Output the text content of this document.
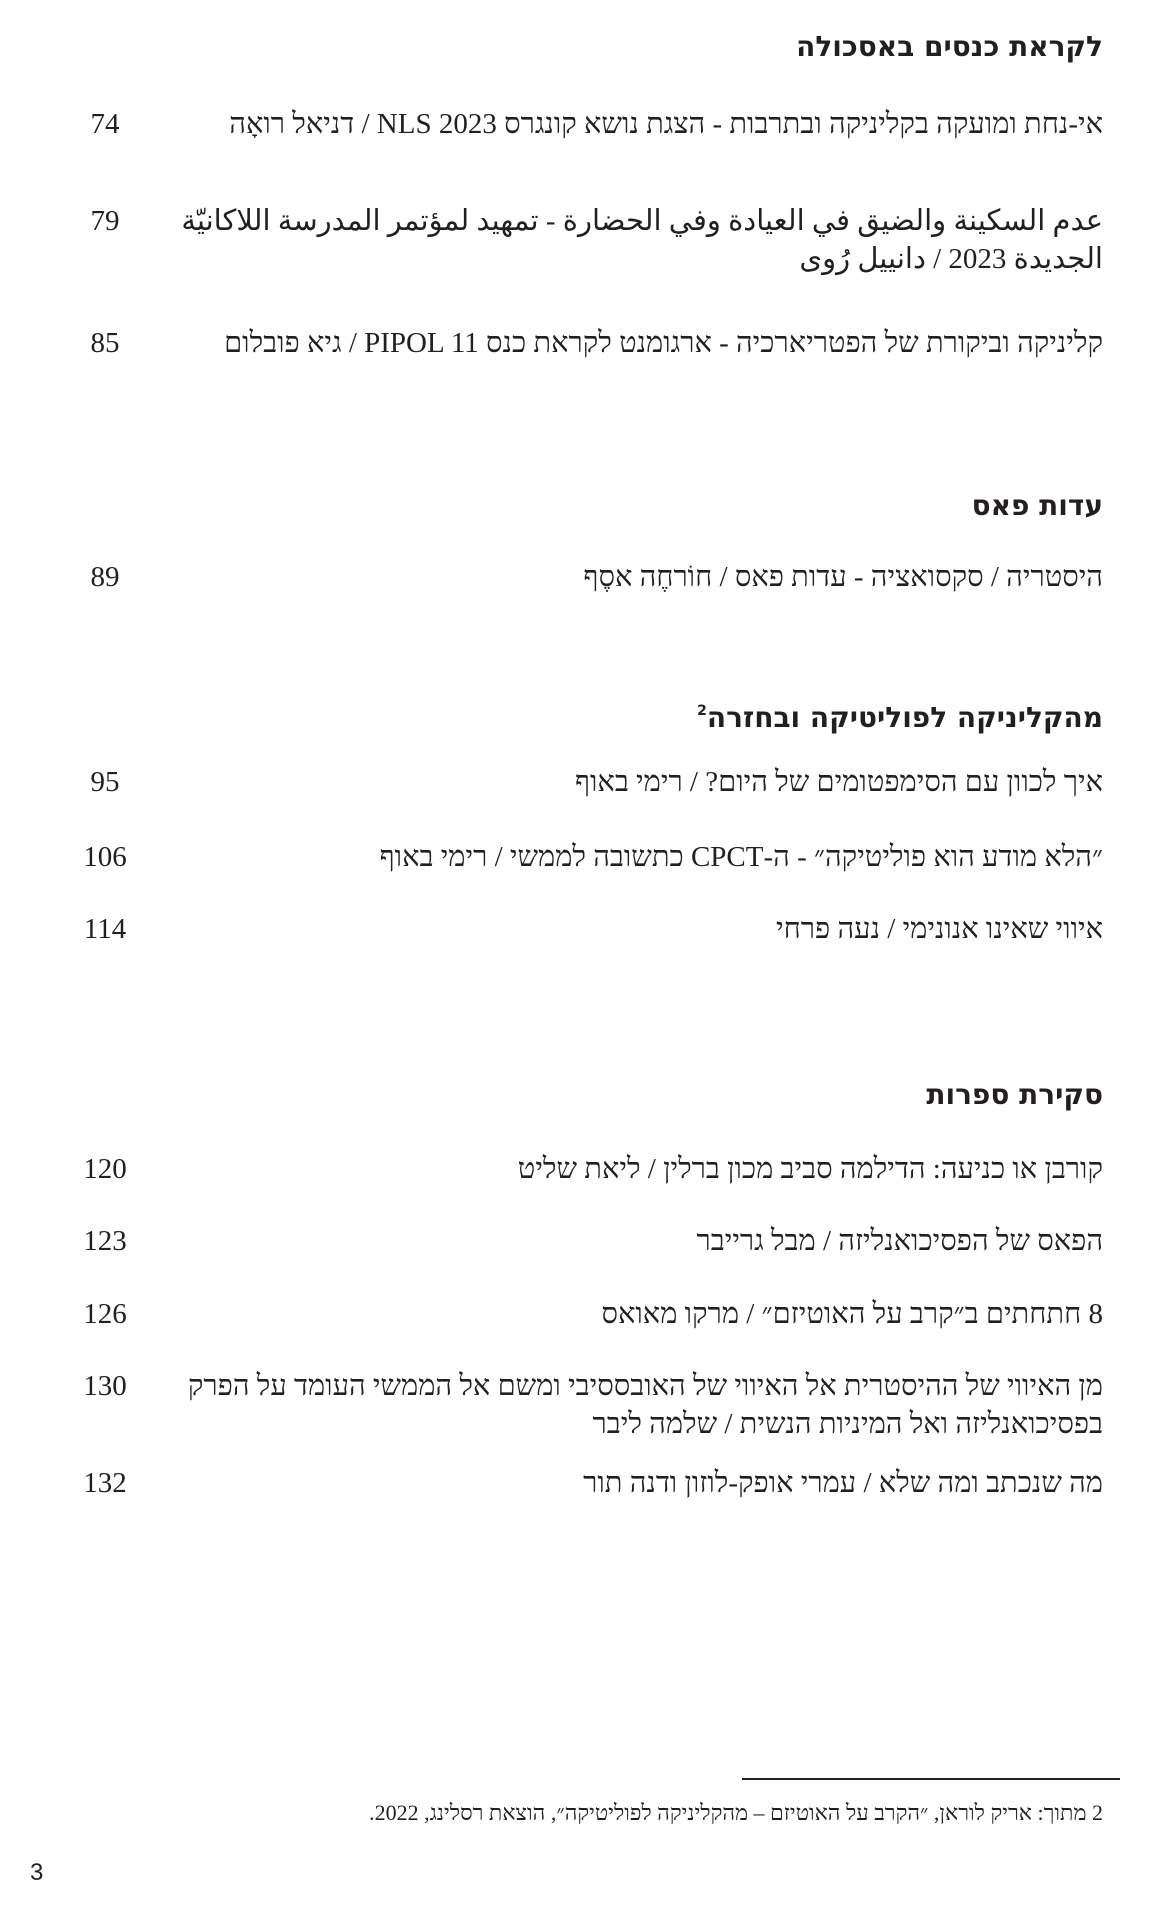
לקראת כנסים באסכולה
אי-נחת ומועקה בקליניקה ובתרבות - הצגת נושא קונגרס NLS 2023 / דניאל רואָה
74
عدم السكينة والضيق في العيادة وفي الحضارة - تمهيد لمؤتمر المدرسة اللاكانيّة الجديدة 2023 / دانييل رُوى
79
קליניקה וביקורת של הפטריארכיה - ארגומנט לקראת כנס PIPOL 11 / גיא פובלום
85
עדות פאס
היסטריה / סקסואציה - עדות פאס / חוֹרחֶה אסֶף
89
מהקליניקה לפוליטיקה ובחזרה$^2$
איך לכוון עם הסימפטומים של היום? / רימי באוף
95
״הלא מודע הוא פוליטיקה״ - ה-CPCT כתשובה לממשי / רימי באוף
106
איווי שאינו אנונימי / נעה פרחי
114
סקירת ספרות
קורבן או כניעה: הדילמה סביב מכון ברלין / ליאת שליט
120
הפאס של הפסיכואנליזה / מבל גרייבר
123
8 חתחתים ב״קרב על האוטיזם״ / מרקו מאואס
126
מן האיווי של ההיסטרית אל האיווי של האובססיבי ומשם אל הממשי העומד על הפרק בפסיכואנליזה ואל המיניות הנשית / שלמה ליבר
130
מה שנכתב ומה שלא / עמרי אופק-לוזון ודנה תור
132
2 מתוך: אריק לוראן, ״הקרב על האוטיזם – מהקליניקה לפוליטיקה״, הוצאת רסלינג, 2022.
3
